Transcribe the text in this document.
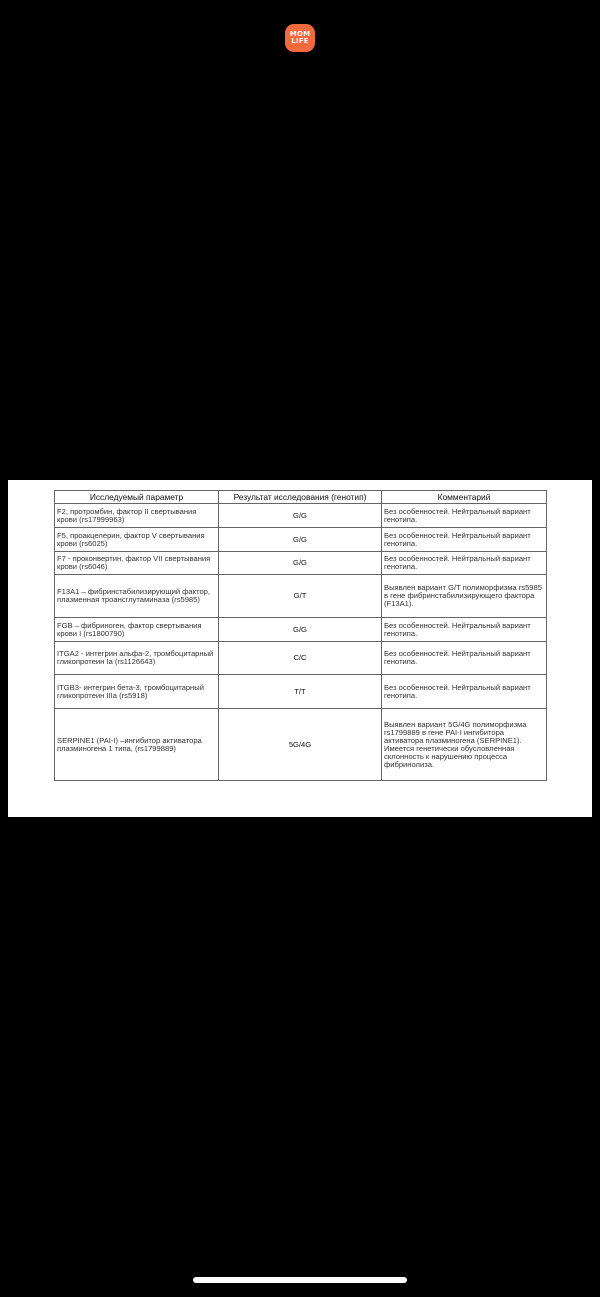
MOM
LIFE
Исследуемый параметр	Результат исследования (генотип)	Комментарий
F2, протромбин, фактор II свертывания крови (rs17999963)	G/G	Без особенностей. Нейтральный вариант генотипа.
F5, проакцелерин, фактор V свертывания крови (rs6025)	G/G	Без особенностей. Нейтральный вариант генотипа.
F7 - проконвертин, фактор VII свертывания крови (rs6046)	G/G	Без особенностей. Нейтральный вариант генотипа.
F13A1 – фибринстабилизирующий фактор, плазменная трoансглутаминаза (rs5985)	G/T	Выявлен вариант G/T полиморфизма rs5985 в гене фибринстабилизирующего фактора (F13A1).
FGB – фибриноген, фактор свертывания крови I (rs1800790)	G/G	Без особенностей. Нейтральный вариант генотипа.
ITGA2 - интегрин альфа-2, тромбоцитарный гликопротеин Ia (rs1126643)	C/C	Без особенностей. Нейтральный вариант генотипа.
ITGB3- интегрин бета-3, тромбоцитарный гликопротеин IIIa (rs5918)	T/T	Без особенностей. Нейтральный вариант генотипа.
SERPINE1 (PAI-I) –ингибитор активатора плазминогена 1 типа, (rs1799889)	5G/4G	Выявлен вариант 5G/4G полиморфизма rs1799889 в гене PAI-I ингибитора активатора плазминогена (SERPINE1). Имеется генетически обусловленная склонность к нарушению процесса фибринолиза.
